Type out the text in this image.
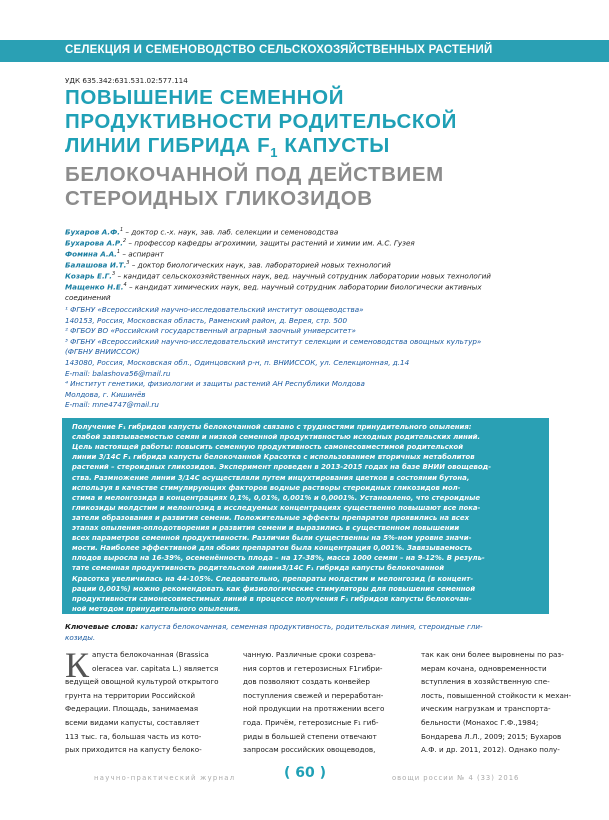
СЕЛЕКЦИЯ И СЕМЕНОВОДСТВО СЕЛЬСКОХОЗЯЙСТВЕННЫХ РАСТЕНИЙ
УДК 635.342:631.531.02:577.114
ПОВЫШЕНИЕ СЕМЕННОЙ
ПРОДУКТИВНОСТИ РОДИТЕЛЬСКОЙ
ЛИНИИ ГИБРИДА $F_1$ КАПУСТЫ
БЕЛОКОЧАННОЙ ПОД ДЕЙСТВИЕМ
СТЕРОИДНЫХ ГЛИКОЗИДОВ
Бухаров А.Ф.$^1$ – доктор с.-х. наук, зав. лаб. селекции и семеноводства
Бухарова А.Р.$^2$ – профессор кафедры агрохимии, защиты растений и химии им. А.С. Гузея
Фомина А.А.$^1$ – аспирант
Балашова И.Т.$^3$ – доктор биологических наук, зав. лабораторией новых технологий
Козарь Е.Г.$^3$ – кандидат сельскохозяйственных наук, вед. научный сотрудник лаборатории новых технологий
Мащенко Н.Е.$^4$ – кандидат химических наук, вед. научный сотрудник лаборатории биологически активных
соединений
¹ ФГБНУ «Всероссийский научно-исследовательский институт овощеводства»
140153, Россия, Московская область, Раменский район, д. Верея, стр. 500
² ФГБОУ ВО «Российский государственный аграрный заочный университет»
³ ФГБНУ «Всероссийский научно-исследовательский институт селекции и семеноводства овощных культур»
(ФГБНУ ВНИИССОК)
143080, Россия, Московская обл., Одинцовский р-н, п. ВНИИССОК, ул. Селекционная, д.14
E-mail: balashova56@mail.ru
⁴ Институт генетики, физиологии и защиты растений АН Республики Молдова
Молдова, г. Кишинёв
E-mail: mne4747@mail.ru
Получение F₁ гибридов капусты белокочанной связано с трудностями принудительного опыления:
слабой завязываемостью семян и низкой семенной продуктивностью исходных родительских линий.
Цель настоящей работы: повысить семенную продуктивность самонесовместимой родительской
линии 3/14С F₁ гибрида капусты белокочанной Красотка с использованием вторичных метаболитов
растений – стероидных гликозидов. Эксперимент проведен в 2013-2015 годах на базе ВНИИ овощевод-
ства. Размножение линии 3/14С осуществляли путем инцухтирования цветков в состоянии бутона,
используя в качестве стимулирующих факторов водные растворы стероидных гликозидов мол-
стима и мелонгозида в концентрациях 0,1%, 0,01%, 0,001% и 0,0001%. Установлено, что стероидные
гликозиды молдстим и мелонгозид в исследуемых концентрациях существенно повышают все пока-
затели образования и развития семени. Положительные эффекты препаратов проявились на всех
этапах опыления-оплодотворения и развития семени и выразились в существенном повышении
всех параметров семенной продуктивности. Различия были существенны на 5%-ном уровне значи-
мости. Наиболее эффективной для обоих препаратов была концентрация 0,001%. Завязываемость
плодов выросла на 16-39%, осеменённость плода – на 17-38%, масса 1000 семян – на 9-12%. В резуль-
тате семенная продуктивность родительской линии3/14С F₁ гибрида капусты белокочанной
Красотка увеличилась на 44-105%. Следовательно, препараты молдстим и мелонгозид (в концент-
рации 0,001%) можно рекомендовать как физиологические стимуляторы для повышения семенной
продуктивности самонесовместимых линий в процессе получения F₁ гибридов капусты белокочан-
ной методом принудительного опыления.
Ключевые слова: капуста белокочанная, семенная продуктивность, родительская линия, стероидные гли-
козиды.
К апуста белокочанная (Brassica
oleracea var. capitata L.) является
ведущей овощной культурой открытого
грунта на территории Российской
Федерации. Площадь, занимаемая
всеми видами капусты, составляет
113 тыс. га, большая часть из кото-
рых приходится на капусту белоко-
чанную. Различные сроки созрева-
ния сортов и гетерозисных F1гибри-
дов позволяют создать конвейер
поступления свежей и переработан-
ной продукции на протяжении всего
года. Причём, гетерозисные F₁ гиб-
риды в большей степени отвечают
запросам российских овощеводов,
так как они более выровнены по раз-
мерам кочана, одновременности
вступления в хозяйственную спе-
лость, повышенной стойкости к механ-
ическим нагрузкам и транспорта-
бельности (Монахос Г.Ф.,1984;
Бондарева Л.Л., 2009; 2015; Бухаров
А.Ф. и др. 2011, 2012). Однако полу-
научно-практический журнал	( 60 )	овощи россии № 4 (33) 2016
